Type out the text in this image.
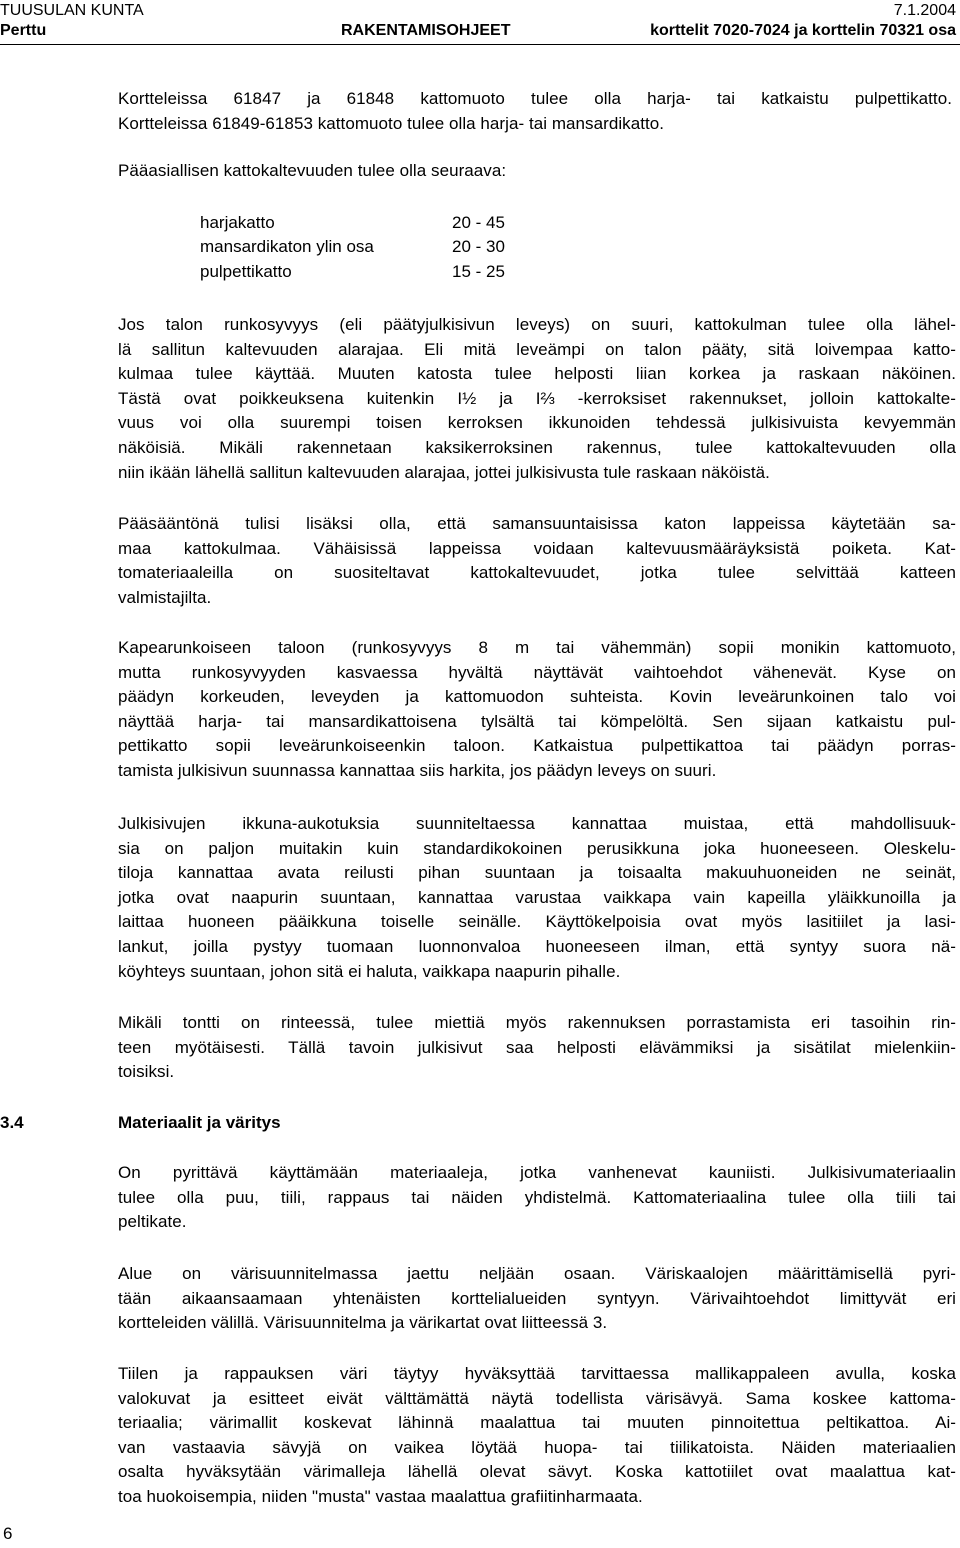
TUUSULAN KUNTA	7.1.2004
Perttu	RAKENTAMISOHJEET	korttelit 7020-7024 ja korttelin 70321 osa
Kortteleissa 61847 ja 61848 kattomuoto tulee olla harja- tai katkaistu pulpettikatto.
Kortteleissa 61849-61853 kattomuoto tulee olla harja- tai mansardikatto.
Pääasiallisen kattokaltevuuden tulee olla seuraava:
harjakatto	20 - 45
mansardikaton ylin osa	20 - 30
pulpettikatto	15 - 25
Jos talon runkosyvyys (eli päätyjulkisivun leveys) on suuri, kattokulman tulee olla lähel-
lä sallitun kaltevuuden alarajaa. Eli mitä leveämpi on talon pääty, sitä loivempaa katto-
kulmaa tulee käyttää. Muuten katosta tulee helposti liian korkea ja raskaan näköinen.
Tästä ovat poikkeuksena kuitenkin I½ ja I⅔ -kerroksiset rakennukset, jolloin kattokalte-
vuus voi olla suurempi toisen kerroksen ikkunoiden tehdessä julkisivuista kevyemmän
näköisiä. Mikäli rakennetaan kaksikerroksinen rakennus, tulee kattokaltevuuden olla
niin ikään lähellä sallitun kaltevuuden alarajaa, jottei julkisivusta tule raskaan näköistä.
Pääsääntönä tulisi lisäksi olla, että samansuuntaisissa katon lappeissa käytetään sa-
maa kattokulmaa. Vähäisissä lappeissa voidaan kaltevuusmääräyksistä poiketa. Kat-
tomateriaaleilla on suositeltavat kattokaltevuudet, jotka tulee selvittää katteen
valmistajilta.
Kapearunkoiseen taloon (runkosyvyys 8 m tai vähemmän) sopii monikin kattomuoto,
mutta runkosyvyyden kasvaessa hyvältä näyttävät vaihtoehdot vähenevät. Kyse on
päädyn korkeuden, leveyden ja kattomuodon suhteista. Kovin leveärunkoinen talo voi
näyttää harja- tai mansardikattoisena tylsältä tai kömpelöltä. Sen sijaan katkaistu pul-
pettikatto sopii leveärunkoiseenkin taloon. Katkaistua pulpettikattoa tai päädyn porras-
tamista julkisivun suunnassa kannattaa siis harkita, jos päädyn leveys on suuri.
Julkisivujen ikkuna-aukotuksia suunniteltaessa kannattaa muistaa, että mahdollisuuk-
sia on paljon muitakin kuin standardikokoinen perusikkuna joka huoneeseen. Oleskelu-
tiloja kannattaa avata reilusti pihan suuntaan ja toisaalta makuuhuoneiden ne seinät,
jotka ovat naapurin suuntaan, kannattaa varustaa vaikkapa vain kapeilla yläikkunoilla ja
laittaa huoneen pääikkuna toiselle seinälle. Käyttökelpoisia ovat myös lasitiilet ja lasi-
lankut, joilla pystyy tuomaan luonnonvaloa huoneeseen ilman, että syntyy suora nä-
köyhteys suuntaan, johon sitä ei haluta, vaikkapa naapurin pihalle.
Mikäli tontti on rinteessä, tulee miettiä myös rakennuksen porrastamista eri tasoihin rin-
teen myötäisesti. Tällä tavoin julkisivut saa helposti elävämmiksi ja sisätilat mielenkiin-
toisiksi.
3.4	Materiaalit ja väritys
On pyrittävä käyttämään materiaaleja, jotka vanhenevat kauniisti. Julkisivumateriaalin
tulee olla puu, tiili, rappaus tai näiden yhdistelmä. Kattomateriaalina tulee olla tiili tai
peltikate.
Alue on värisuunnitelmassa jaettu neljään osaan. Väriskaalojen määrittämisellä pyri-
tään aikaansaamaan yhtenäisten korttelialueiden syntyyn. Värivaihtoehdot limittyvät eri
kortteleiden välillä. Värisuunnitelma ja värikartat ovat liitteessä 3.
Tiilen ja rappauksen väri täytyy hyväksyttää tarvittaessa mallikappaleen avulla, koska
valokuvat ja esitteet eivät välttämättä näytä todellista värisävyä. Sama koskee kattoma-
teriaalia; värimallit koskevat lähinnä maalattua tai muuten pinnoitettua peltikattoa. Ai-
van vastaavia sävyjä on vaikea löytää huopa- tai tiilikatoista. Näiden materiaalien
osalta hyväksytään värimalleja lähellä olevat sävyt. Koska kattotiilet ovat maalattua kat-
toa huokoisempia, niiden "musta" vastaa maalattua grafiitinharmaata.
6
